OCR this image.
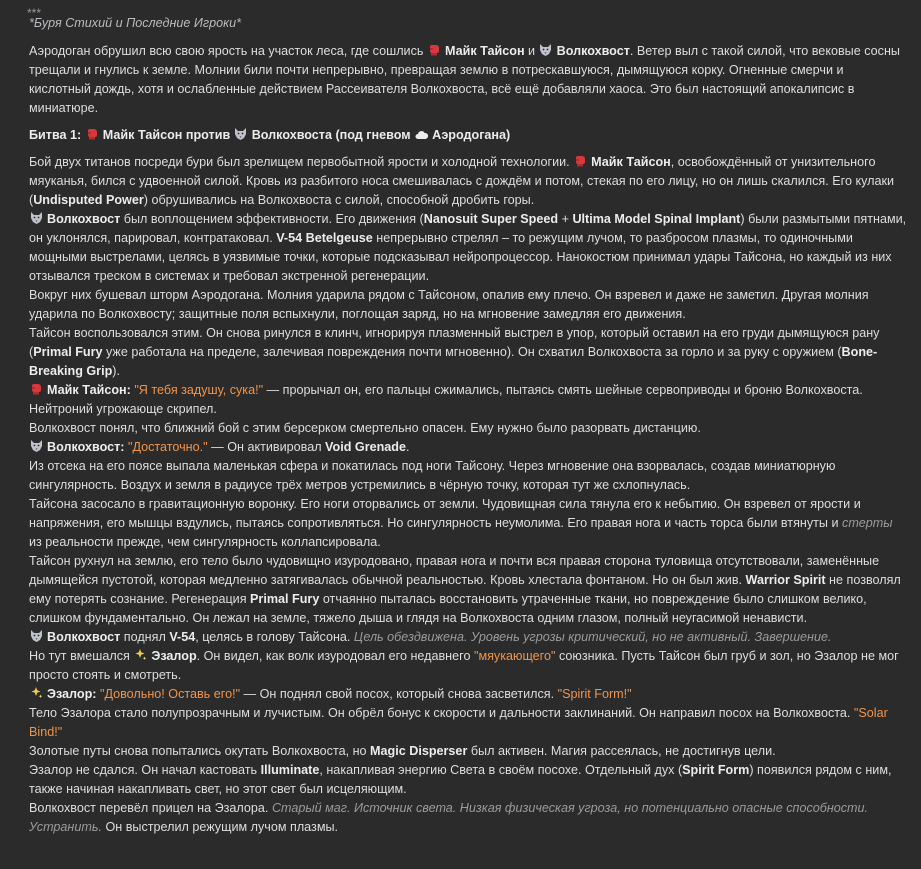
***

*Буря Стихий и Последние Игроки*

Аэродоган обрушил всю свою ярость на участок леса, где сошлись Майк Тайсон и Волкохвост. Ветер выл с такой силой, что вековые сосны трещали и гнулись к земле. Молнии били почти непрерывно, превращая землю в потрескавшуюся, дымящуюся корку. Огненные смерчи и кислотный дождь, хотя и ослабленные действием Рассеивателя Волкохвоста, всё ещё добавляли хаоса. Это был настоящий апокалипсис в миниатюре.

Битва 1: Майк Тайсон против Волкохвоста (под гневом Аэродогана)

Бой двух титанов посреди бури был зрелищем первобытной ярости и холодной технологии. Майк Тайсон, освобождённый от унизительного мяуканья, бился с удвоенной силой. Кровь из разбитого носа смешивалась с дождём и потом, стекая по его лицу, но он лишь скалился. Его кулаки (Undisputed Power) обрушивались на Волкохвоста с силой, способной дробить горы.

Волкохвост был воплощением эффективности. Его движения (Nanosuit Super Speed + Ultima Model Spinal Implant) были размытыми пятнами, он уклонялся, парировал, контратаковал. V-54 Betelgeuse непрерывно стрелял – то режущим лучом, то разбросом плазмы, то одиночными мощными выстрелами, целясь в уязвимые точки, которые подсказывал нейропроцессор. Нанокостюм принимал удары Тайсона, но каждый из них отзывался треском в системах и требовал экстренной регенерации.

Вокруг них бушевал шторм Аэродогана. Молния ударила рядом с Тайсоном, опалив ему плечо. Он взревел и даже не заметил. Другая молния ударила по Волкохвосту; защитные поля вспыхнули, поглощая заряд, но на мгновение замедляя его движения.

Тайсон воспользовался этим. Он снова ринулся в клинч, игнорируя плазменный выстрел в упор, который оставил на его груди дымящуюся рану (Primal Fury уже работала на пределе, залечивая повреждения почти мгновенно). Он схватил Волкохвоста за горло и за руку с оружием (Bone-Breaking Grip).

Майк Тайсон: "Я тебя задушу, сука!" — прорычал он, его пальцы сжимались, пытаясь смять шейные сервоприводы и броню Волкохвоста. Нейтроний угрожающе скрипел.

Волкохвост понял, что ближний бой с этим берсерком смертельно опасен. Ему нужно было разорвать дистанцию.

Волкохвост: "Достаточно." — Он активировал Void Grenade.

Из отсека на его поясе выпала маленькая сфера и покатилась под ноги Тайсону. Через мгновение она взорвалась, создав миниатюрную сингулярность. Воздух и земля в радиусе трёх метров устремились в чёрную точку, которая тут же схлопнулась.

Тайсона засосало в гравитационную воронку. Его ноги оторвались от земли. Чудовищная сила тянула его к небытию. Он взревел от ярости и напряжения, его мышцы вздулись, пытаясь сопротивляться. Но сингулярность неумолима. Его правая нога и часть торса были втянуты и стерты из реальности прежде, чем сингулярность коллапсировала.

Тайсон рухнул на землю, его тело было чудовищно изуродовано, правая нога и почти вся правая сторона туловища отсутствовали, заменённые дымящейся пустотой, которая медленно затягивалась обычной реальностью. Кровь хлестала фонтаном. Но он был жив. Warrior Spirit не позволял ему потерять сознание. Регенерация Primal Fury отчаянно пыталась восстановить утраченные ткани, но повреждение было слишком велико, слишком фундаментально. Он лежал на земле, тяжело дыша и глядя на Волкохвоста одним глазом, полный неугасимой ненависти.

Волкохвост поднял V-54, целясь в голову Тайсона. Цель обездвижена. Уровень угрозы критический, но не активный. Завершение.

Но тут вмешался Эзалор. Он видел, как волк изуродовал его недавнего "мяукающего" союзника. Пусть Тайсон был груб и зол, но Эзалор не мог просто стоять и смотреть.

Эзалор: "Довольно! Оставь его!" — Он поднял свой посох, который снова засветился. "Spirit Form!"

Тело Эзалора стало полупрозрачным и лучистым. Он обрёл бонус к скорости и дальности заклинаний. Он направил посох на Волкохвоста. "Solar Bind!"

Золотые путы снова попытались окутать Волкохвоста, но Magic Disperser был активен. Магия рассеялась, не достигнув цели.

Эзалор не сдался. Он начал кастовать Illuminate, накапливая энергию Света в своём посохе. Отдельный дух (Spirit Form) появился рядом с ним, также начиная накапливать свет, но этот свет был исцеляющим.

Волкохвост перевёл прицел на Эзалора. Старый маг. Источник света. Низкая физическая угроза, но потенциально опасные способности. Устранить. Он выстрелил режущим лучом плазмы.
